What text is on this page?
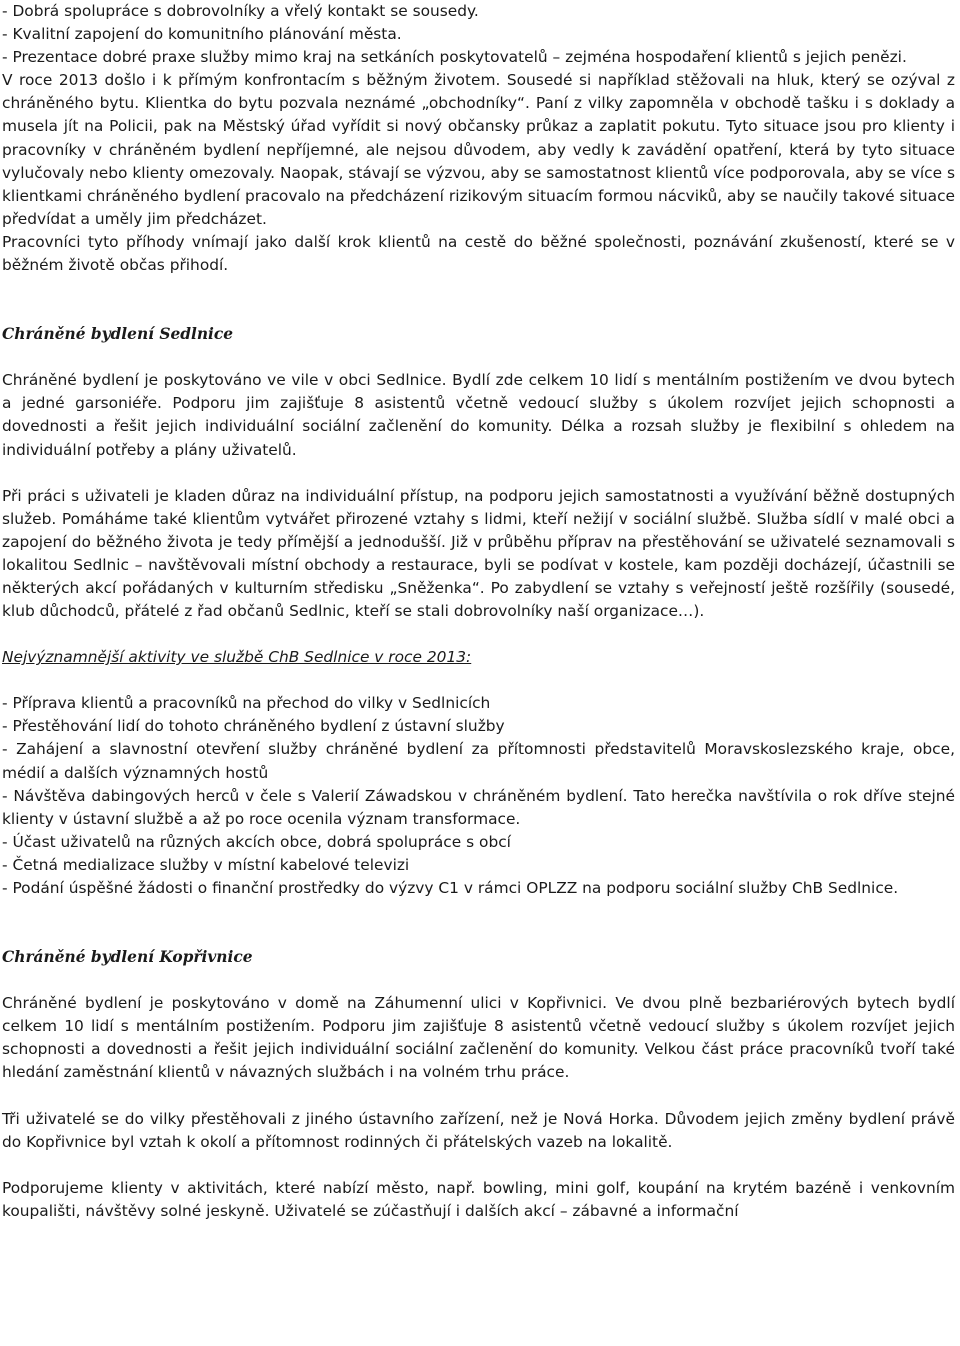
- Dobrá spolupráce s dobrovolníky a vřelý kontakt se sousedy.

- Kvalitní zapojení do komunitního plánování města.

- Prezentace dobré praxe služby mimo kraj na setkáních poskytovatelů – zejména hospodaření klientů s jejich penězi.

V roce 2013 došlo i k přímým konfrontacím s běžným životem. Sousedé si například stěžovali na hluk, který se ozýval z chráněného bytu. Klientka do bytu pozvala neznámé „obchodníky“. Paní z vilky zapomněla v obchodě tašku i s doklady a musela jít na Policii, pak na Městský úřad vyřídit si nový občansky průkaz a zaplatit pokutu. Tyto situace jsou pro klienty i pracovníky v chráněném bydlení nepříjemné, ale nejsou důvodem, aby vedly k zavádění opatření, která by tyto situace vylučovaly nebo klienty omezovaly. Naopak, stávají se výzvou, aby se samostatnost klientů více podporovala, aby se více s klientkami chráněného bydlení pracovalo na předcházení rizikovým situacím formou nácviků, aby se naučily takové situace předvídat a uměly jim předcházet.

Pracovníci tyto příhody vnímají jako další krok klientů na cestě do běžné společnosti, poznávání zkušeností, které se v běžném životě občas přihodí.

Chráněné bydlení Sedlnice

Chráněné bydlení je poskytováno ve vile v obci Sedlnice. Bydlí zde celkem 10 lidí s mentálním postižením ve dvou bytech a jedné garsoniéře. Podporu jim zajišťuje 8 asistentů včetně vedoucí služby s úkolem rozvíjet jejich schopnosti a dovednosti a řešit jejich individuální sociální začlenění do komunity. Délka a rozsah služby je flexibilní s ohledem na individuální potřeby a plány uživatelů.

Při práci s uživateli je kladen důraz na individuální přístup, na podporu jejich samostatnosti a využívání běžně dostupných služeb. Pomáháme také klientům vytvářet přirozené vztahy s lidmi, kteří nežijí v sociální službě. Služba sídlí v malé obci a zapojení do běžného života je tedy přímější a jednodušší. Již v průběhu příprav na přestěhování se uživatelé seznamovali s lokalitou Sedlnic – navštěvovali místní obchody a restaurace, byli se podívat v kostele, kam později docházejí, účastnili se některých akcí pořádaných v kulturním středisku „Sněženka“. Po zabydlení se vztahy s veřejností ještě rozšířily (sousedé, klub důchodců, přátelé z řad občanů Sedlnic, kteří se stali dobrovolníky naší organizace…).

Nejvýznamnější aktivity ve službě ChB Sedlnice v roce 2013:

- Příprava klientů a pracovníků na přechod do vilky v Sedlnicích

- Přestěhování lidí do tohoto chráněného bydlení z ústavní služby

- Zahájení a slavnostní otevření služby chráněné bydlení za přítomnosti představitelů Moravskoslezského kraje, obce, médií a dalších významných hostů

- Návštěva dabingových herců v čele s Valerií Záwadskou v chráněném bydlení. Tato herečka navštívila o rok dříve stejné klienty v ústavní službě a až po roce ocenila význam transformace.

- Účast uživatelů na různých akcích obce, dobrá spolupráce s obcí

- Četná medializace služby v místní kabelové televizi

- Podání úspěšné žádosti o finanční prostředky do výzvy C1 v rámci OPLZZ na podporu sociální služby ChB Sedlnice.

Chráněné bydlení Kopřivnice

Chráněné bydlení je poskytováno v domě na Záhumenní ulici v Kopřivnici. Ve dvou plně bezbariérových bytech bydlí celkem 10 lidí s mentálním postižením. Podporu jim zajišťuje 8 asistentů včetně vedoucí služby s úkolem rozvíjet jejich schopnosti a dovednosti a řešit jejich individuální sociální začlenění do komunity. Velkou část práce pracovníků tvoří také hledání zaměstnání klientů v návazných službách i na volném trhu práce.

Tři uživatelé se do vilky přestěhovali z jiného ústavního zařízení, než je Nová Horka. Důvodem jejich změny bydlení právě do Kopřivnice byl vztah k okolí a přítomnost rodinných či přátelských vazeb na lokalitě.

Podporujeme klienty v aktivitách, které nabízí město, např. bowling, mini golf, koupání na krytém bazéně i venkovním koupališti, návštěvy solné jeskyně. Uživatelé se zúčastňují i dalších akcí – zábavné a informační
